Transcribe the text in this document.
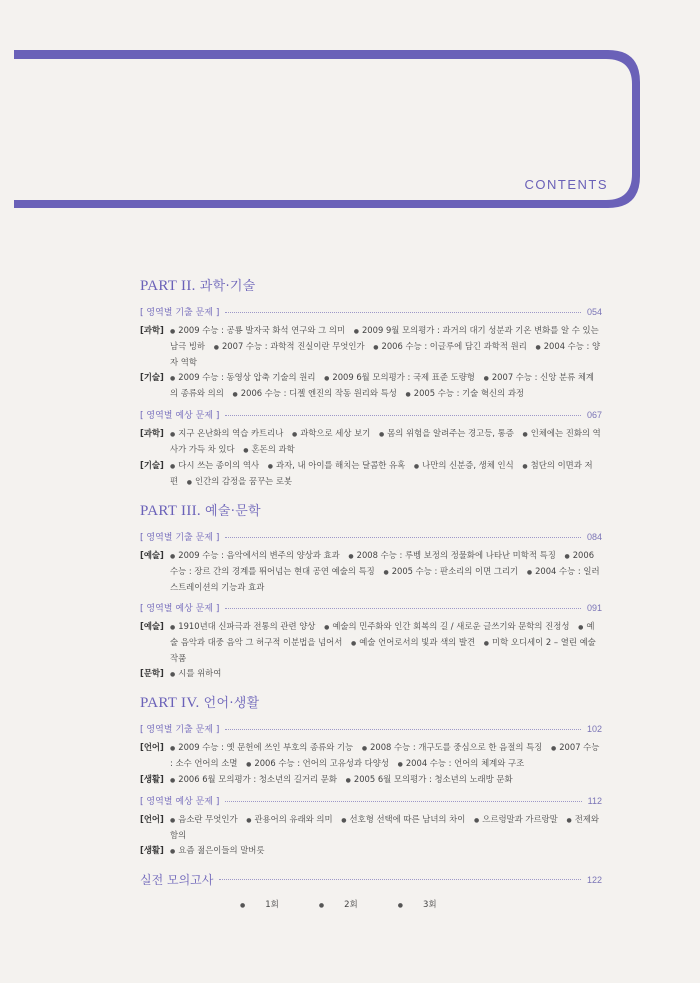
CONTENTS
PART II. 과학·기술
[ 영역별 기출 문제 ]	054
[과학]	● 2009 수능 : 공룡 발자국 화석 연구와 그 의미 ● 2009 9월 모의평가 : 과거의 대기 성분과 기온 변화를 알 수 있는 남극 빙하 ● 2007 수능 : 과학적 진실이란 무엇인가 ● 2006 수능 : 이글루에 담긴 과학적 원리 ● 2004 수능 : 양자 역학
[기술]	● 2009 수능 : 동영상 압축 기술의 원리 ● 2009 6월 모의평가 : 국제 표준 도량형 ● 2007 수능 : 신앙 분류 체계의 종류와 의의 ● 2006 수능 : 디젤 엔진의 작동 원리와 특성 ● 2005 수능 : 기술 혁신의 과정
[ 영역별 예상 문제 ]	067
[과학]	● 지구 온난화의 역습 카트리나 ● 과학으로 세상 보기 ● 몸의 위험을 알려주는 경고등, 통증 ● 인체에는 진화의 역사가 가득 차 있다 ● 혼돈의 과학
[기술]	● 다시 쓰는 종이의 역사 ● 과자, 내 아이를 해치는 달콤한 유혹 ● 나만의 신분증, 생체 인식 ● 첨단의 이면과 저편 ● 인간의 감정을 꿈꾸는 로봇
PART III. 예술·문학
[ 영역별 기출 문제 ]	084
[예술]	● 2009 수능 : 음악에서의 변주의 양상과 효과 ● 2008 수능 : 루벵 보정의 정물화에 나타난 미학적 특징 ● 2006 수능 : 장르 간의 경계를 뛰어넘는 현대 공연 예술의 특징 ● 2005 수능 : 판소리의 이면 그리기 ● 2004 수능 : 일러스트레이션의 기능과 효과
[ 영역별 예상 문제 ]	091
[예술]	● 1910년대 신파극과 전통의 관련 양상 ● 예술의 민주화와 인간 회복의 길 / 새로운 글쓰기와 문학의 진정성 ● 예술 음악과 대중 음악 그 허구적 이분법을 넘어서 ● 예술 언어로서의 빛과 색의 발견 ● 미학 오디세이 2 – 열린 예술 작품
[문학]	● 시를 위하여
PART IV. 언어·생활
[ 영역별 기출 문제 ]	102
[언어]	● 2009 수능 : 옛 문헌에 쓰인 부호의 종류와 기능 ● 2008 수능 : 개구도를 중심으로 한 음절의 특징 ● 2007 수능 : 소수 언어의 소멸 ● 2006 수능 : 언어의 고유성과 다양성 ● 2004 수능 : 언어의 체계와 구조
[생활]	● 2006 6월 모의평가 : 청소년의 길거리 문화 ● 2005 6월 모의평가 : 청소년의 노래방 문화
[ 영역별 예상 문제 ]	112
[언어]	● 음소란 무엇인가 ● 관용어의 유래와 의미 ● 선호형 선택에 따른 남녀의 차이 ● 으르렁말과 가르랑말 ● 전제와 함의
[생활]	● 요즘 젊은이들의 말버릇
실전 모의고사	122
● 1회	● 2회	● 3회
